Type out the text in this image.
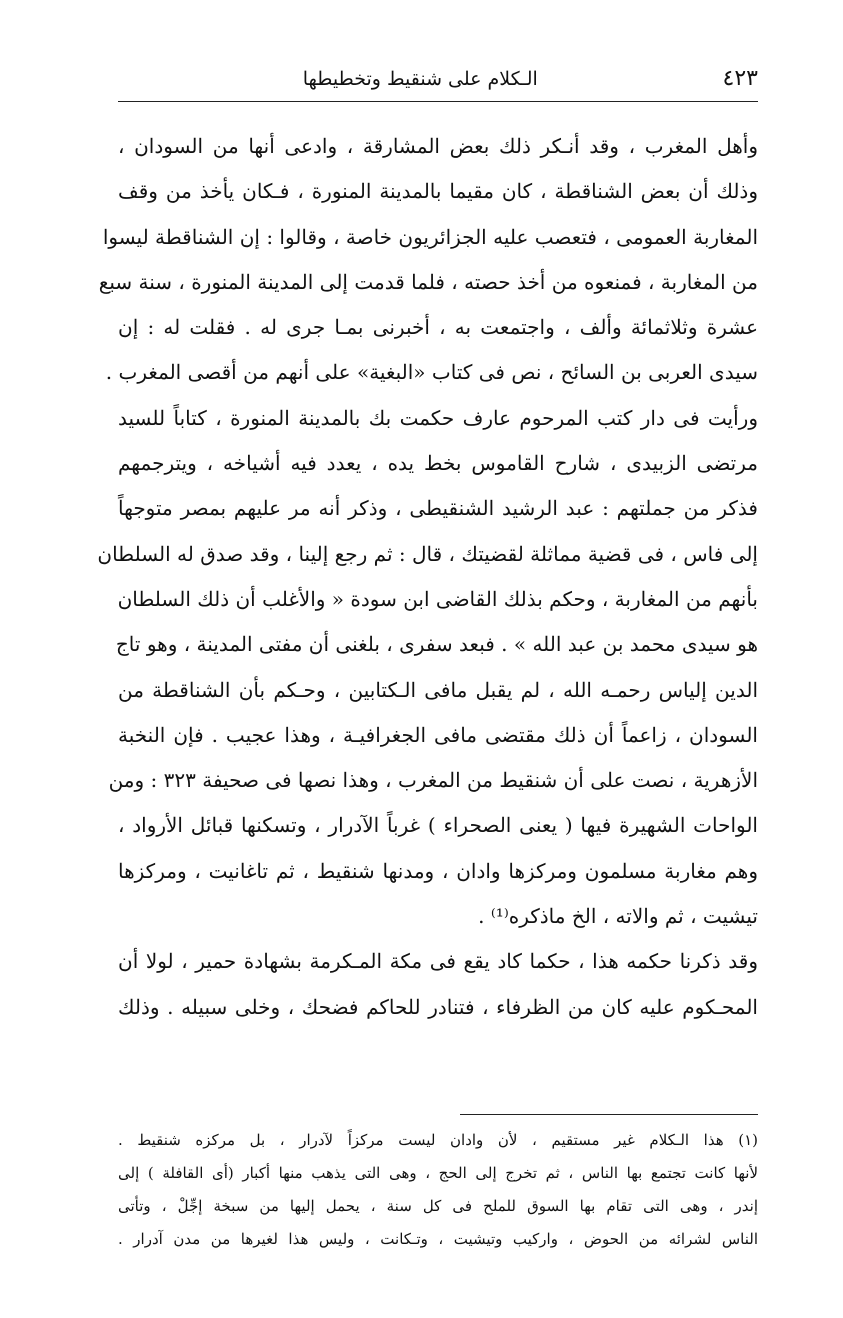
٤٢٣
الـكلام على شنقيط وتخطيطها
وأهل المغرب ، وقد أنـكر ذلك بعض المشارقة ، وادعى أنها من السودان ،
وذلك أن بعض الشناقطة ، كان مقيما بالمدينة المنورة ، فـكان يأخذ من وقف
المغاربة العمومى ، فتعصب عليه الجزائريون خاصة ، وقالوا : إن الشناقطة ليسوا
من المغاربة ، فمنعوه من أخذ حصته ، فلما قدمت إلى المدينة المنورة ، سنة سبع
عشرة وثلاثمائة وألف ، واجتمعت به ، أخبرنى بمـا جرى له . فقلت له : إن
سيدى العربى بن السائح ، نص فى كتاب «البغية» على أنهم من أقصى المغرب .
ورأيت فى دار كتب المرحوم عارف حكمت بك بالمدينة المنورة ، كتاباً للسيد
مرتضى الزبيدى ، شارح القاموس بخط يده ، يعدد فيه أشياخه ، ويترجمهم
فذكر من جملتهم : عبد الرشيد الشنقيطى ، وذكر أنه مر عليهم بمصر متوجهاً
إلى فاس ، فى قضية مماثلة لقضيتك ، قال : ثم رجع إلينا ، وقد صدق له السلطان
بأنهم من المغاربة ، وحكم بذلك القاضى ابن سودة « والأغلب أن ذلك السلطان
هو سيدى محمد بن عبد الله » . فبعد سفرى ، بلغنى أن مفتى المدينة ، وهو تاج
الدين إلياس رحمـه الله ، لم يقبل مافى الـكتابين ، وحـكم بأن الشناقطة من
السودان ، زاعماً أن ذلك مقتضى مافى الجغرافيـة ، وهذا عجيب . فإن النخبة
الأزهرية ، نصت على أن شنقيط من المغرب ، وهذا نصها فى صحيفة ٣٢٣ : ومن
الواحات الشهيرة فيها ( يعنى الصحراء ) غرباً الآدرار ، وتسكنها قبائل الأرواد ،
وهم مغاربة مسلمون ومركزها وادان ، ومدنها شنقيط ، ثم تاغانيت ، ومركزها
تيشيت ، ثم والاته ، الخ ماذكره⁽¹⁾ .
وقد ذكرنا حكمه هذا ، حكما كاد يقع فى مكة المـكرمة بشهادة حمير ، لولا أن
المحـكوم عليه كان من الظرفاء ، فتنادر للحاكم فضحك ، وخلى سبيله . وذلك
(١) هذا الـكلام غير مستقيم ، لأن وادان ليست مركزاً لآدرار ، بل مركزه شنقيط .
لأنها كانت تجتمع بها الناس ، ثم تخرج إلى الحج ، وهى التى يذهب منها أكبار (أى القافلة ) إلى
إندر ، وهى التى تقام بها السوق للملح فى كل سنة ، يحمل إليها من سبخة إجِّلْ ، وتأتى
الناس لشرائه من الحوض ، واركيب وتيشيت ، وتـكانت ، وليس هذا لغيرها من مدن آدرار .
